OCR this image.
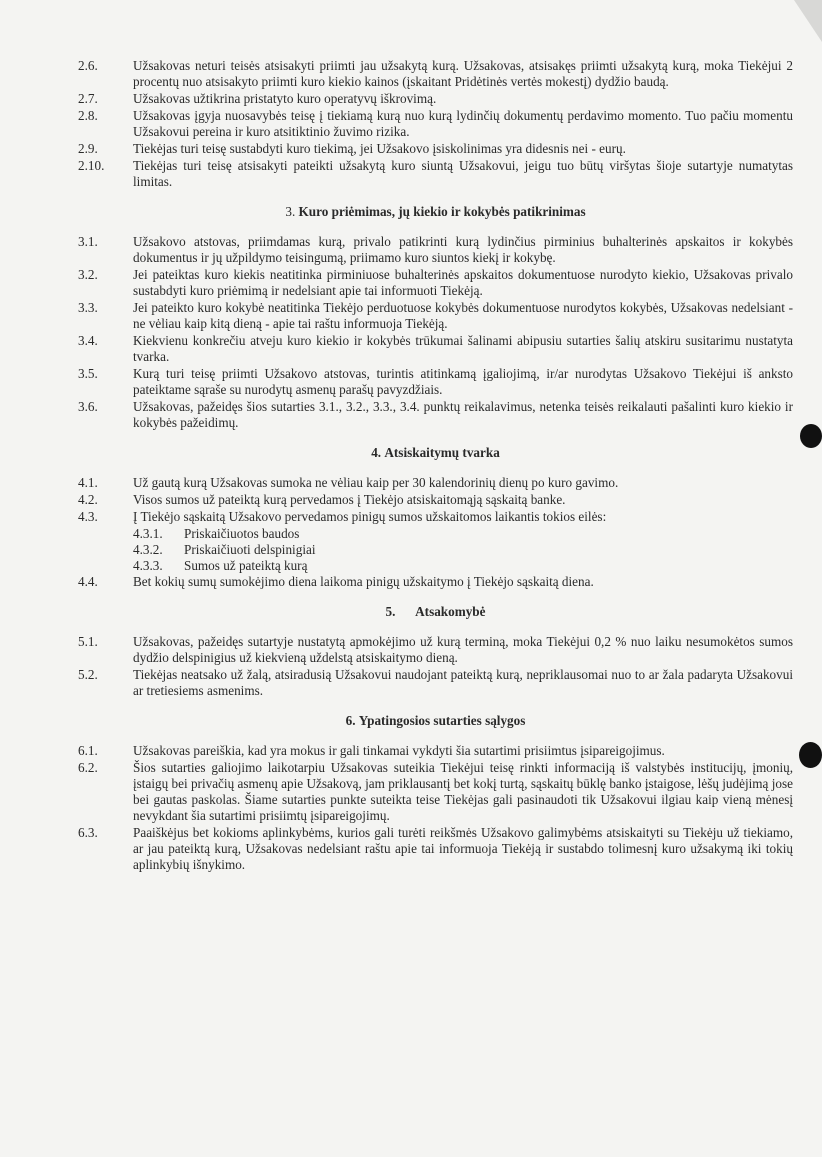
2.6.	Užsakovas neturi teisės atsisakyti priimti jau užsakytą kurą. Užsakovas, atsisakęs priimti užsakytą kurą, moka Tiekėjui 2 procentų nuo atsisakyto priimti kuro kiekio kainos (įskaitant Pridėtinės vertės mokestį) dydžio baudą.
2.7.	Užsakovas užtikrina pristatyto kuro operatyvų iškrovimą.
2.8.	Užsakovas įgyja nuosavybės teisę į tiekiamą kurą nuo kurą lydinčių dokumentų perdavimo momento. Tuo pačiu momentu Užsakovui pereina ir kuro atsitiktinio žuvimo rizika.
2.9.	Tiekėjas turi teisę sustabdyti kuro tiekimą, jei Užsakovo įsiskolinimas yra didesnis nei - eurų.
2.10.	Tiekėjas turi teisę atsisakyti pateikti užsakytą kuro siuntą Užsakovui, jeigu tuo būtų viršytas šioje sutartyje numatytas limitas.
3. Kuro priėmimas, jų kiekio ir kokybės patikrinimas
3.1.	Užsakovo atstovas, priimdamas kurą, privalo patikrinti kurą lydinčius pirminius buhalterinės apskaitos ir kokybės dokumentus ir jų užpildymo teisingumą, priimamo kuro siuntos kiekį ir kokybę.
3.2.	Jei pateiktas kuro kiekis neatitinka pirminiuose buhalterinės apskaitos dokumentuose nurodyto kiekio, Užsakovas privalo sustabdyti kuro priėmimą ir nedelsiant apie tai informuoti Tiekėją.
3.3.	Jei pateikto kuro kokybė neatitinka Tiekėjo perduotuose kokybės dokumentuose nurodytos kokybės, Užsakovas nedelsiant - ne vėliau kaip kitą dieną - apie tai raštu informuoja Tiekėją.
3.4.	Kiekvienu konkrečiu atveju kuro kiekio ir kokybės trūkumai šalinami abipusiu sutarties šalių atskiru susitarimu nustatyta tvarka.
3.5.	Kurą turi teisę priimti Užsakovo atstovas, turintis atitinkamą įgaliojimą, ir/ar nurodytas Užsakovo Tiekėjui iš anksto pateiktame sąraše su nurodytų asmenų parašų pavyzdžiais.
3.6.	Užsakovas, pažeidęs šios sutarties 3.1., 3.2., 3.3., 3.4. punktų reikalavimus, netenka teisės reikalauti pašalinti kuro kiekio ir kokybės pažeidimų.
4. Atsiskaitymų tvarka
4.1.	Už gautą kurą Užsakovas sumoka ne vėliau kaip per 30 kalendorinių dienų po kuro gavimo.
4.2.	Visos sumos už pateiktą kurą pervedamos į Tiekėjo atsiskaitomąją sąskaitą banke.
4.3.	Į Tiekėjo sąskaitą Užsakovo pervedamos pinigų sumos užskaitomos laikantis tokios eilės:
4.3.1.	Priskaičiuotos baudos
4.3.2.	Priskaičiuoti delspinigiai
4.3.3.	Sumos už pateiktą kurą
4.4.	Bet kokių sumų sumokėjimo diena laikoma pinigų užskaitymo į Tiekėjo sąskaitą diena.
5. Atsakomybė
5.1.	Užsakovas, pažeidęs sutartyje nustatytą apmokėjimo už kurą terminą, moka Tiekėjui 0,2 % nuo laiku nesumokėtos sumos dydžio delspinigius už kiekvieną uždelstą atsiskaitymo dieną.
5.2.	Tiekėjas neatsako už žalą, atsiradusią Užsakovui naudojant pateiktą kurą, nepriklausomai nuo to ar žala padaryta Užsakovui ar tretiesiems asmenims.
6. Ypatingosios sutarties sąlygos
6.1.	Užsakovas pareiškia, kad yra mokus ir gali tinkamai vykdyti šia sutartimi prisiimtus įsipareigojimus.
6.2.	Šios sutarties galiojimo laikotarpiu Užsakovas suteikia Tiekėjui teisę rinkti informaciją iš valstybės institucijų, įmonių, įstaigų bei privačių asmenų apie Užsakovą, jam priklausantį bet kokį turtą, sąskaitų būklę banko įstaigose, lėšų judėjimą jose bei gautas paskolas. Šiame sutarties punkte suteikta teise Tiekėjas gali pasinaudoti tik Užsakovui ilgiau kaip vieną mėnesį nevykdant šia sutartimi prisiimtų įsipareigojimų.
6.3.	Paaiškėjus bet kokioms aplinkybėms, kurios gali turėti reikšmės Užsakovo galimybėms atsiskaityti su Tiekėju už tiekiamo, ar jau pateiktą kurą, Užsakovas nedelsiant raštu apie tai informuoja Tiekėją ir sustabdo tolimesnį kuro užsakymą iki tokių aplinkybių išnykimo.
